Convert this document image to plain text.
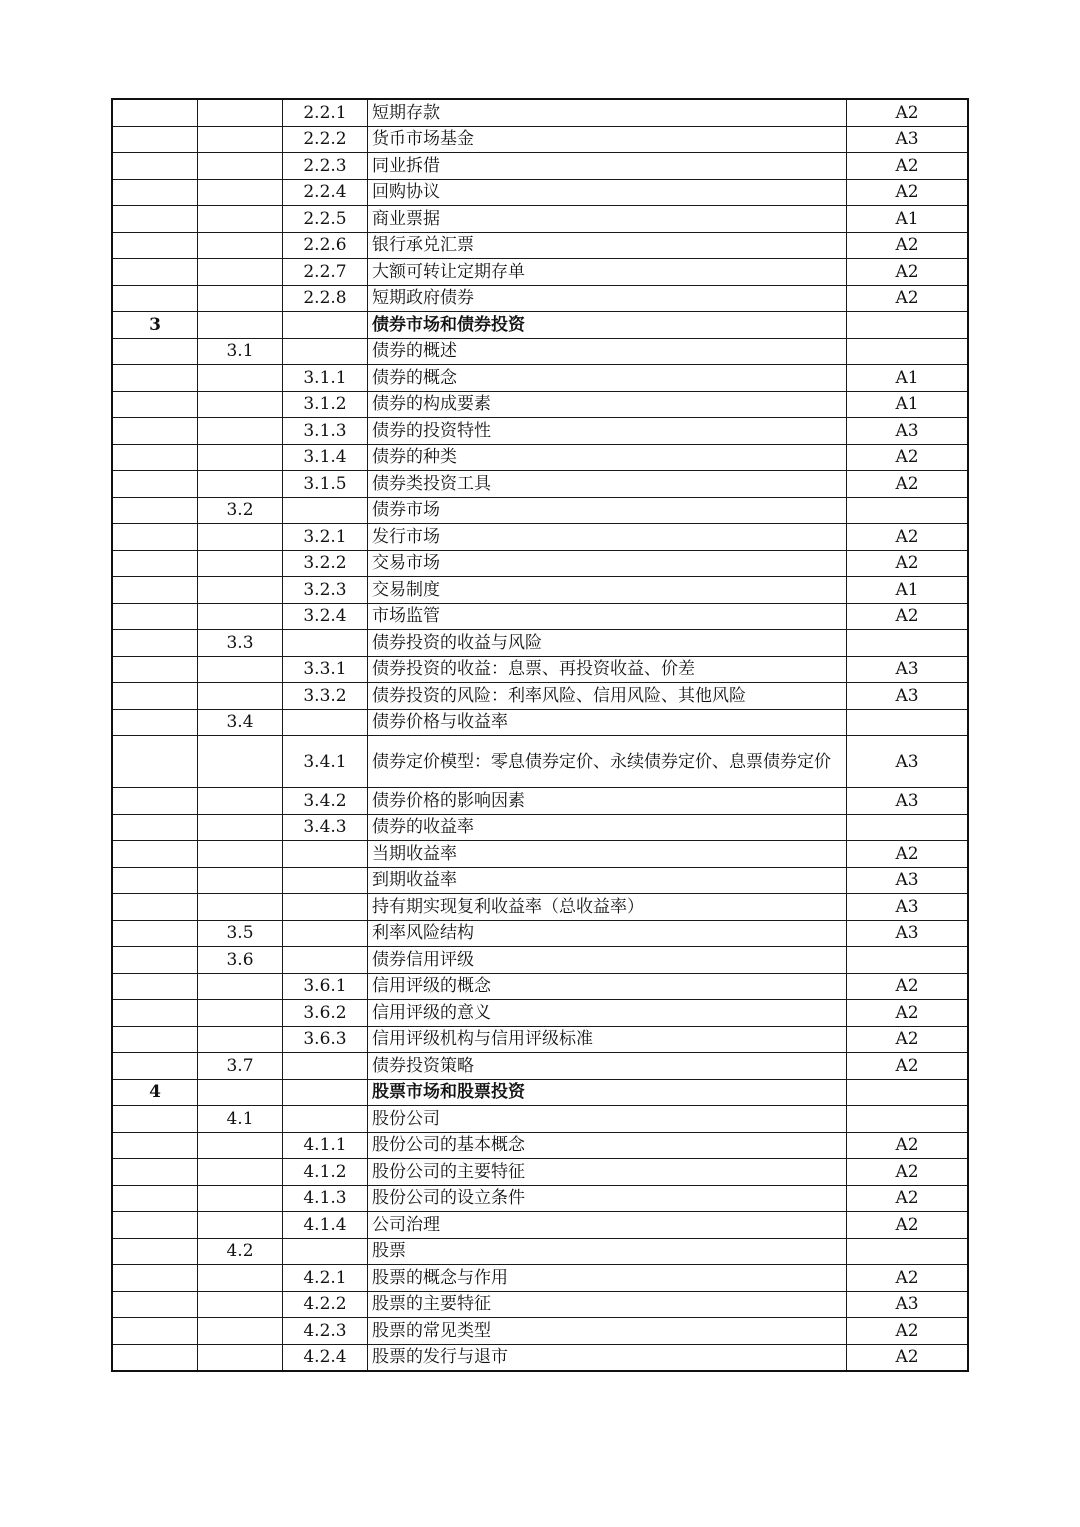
		2.2.1	短期存款	A2
		2.2.2	货币市场基金	A3
		2.2.3	同业拆借	A2
		2.2.4	回购协议	A2
		2.2.5	商业票据	A1
		2.2.6	银行承兑汇票	A2
		2.2.7	大额可转让定期存单	A2
		2.2.8	短期政府债券	A2
3			债券市场和债券投资	
	3.1		债券的概述	
		3.1.1	债券的概念	A1
		3.1.2	债券的构成要素	A1
		3.1.3	债券的投资特性	A3
		3.1.4	债券的种类	A2
		3.1.5	债券类投资工具	A2
	3.2		债券市场	
		3.2.1	发行市场	A2
		3.2.2	交易市场	A2
		3.2.3	交易制度	A1
		3.2.4	市场监管	A2
	3.3		债券投资的收益与风险	
		3.3.1	债券投资的收益：息票、再投资收益、价差	A3
		3.3.2	债券投资的风险：利率风险、信用风险、其他风险	A3
	3.4		债券价格与收益率	
		3.4.1	债券定价模型：零息债券定价、永续债券定价、息票债券定价	A3
		3.4.2	债券价格的影响因素	A3
		3.4.3	债券的收益率	
			当期收益率	A2
			到期收益率	A3
			持有期实现复利收益率（总收益率）	A3
	3.5		利率风险结构	A3
	3.6		债券信用评级	
		3.6.1	信用评级的概念	A2
		3.6.2	信用评级的意义	A2
		3.6.3	信用评级机构与信用评级标准	A2
	3.7		债券投资策略	A2
4			股票市场和股票投资	
	4.1		股份公司	
		4.1.1	股份公司的基本概念	A2
		4.1.2	股份公司的主要特征	A2
		4.1.3	股份公司的设立条件	A2
		4.1.4	公司治理	A2
	4.2		股票	
		4.2.1	股票的概念与作用	A2
		4.2.2	股票的主要特征	A3
		4.2.3	股票的常见类型	A2
		4.2.4	股票的发行与退市	A2
